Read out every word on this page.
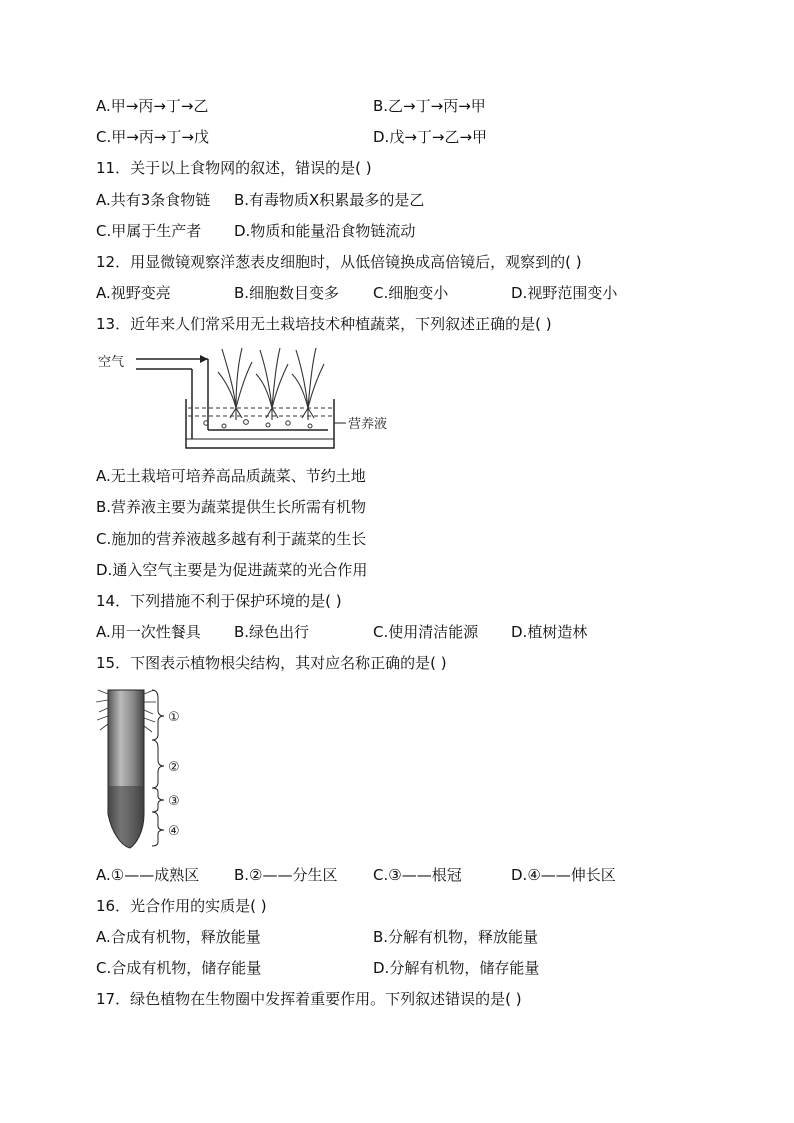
A.甲→丙→丁→乙	B.乙→丁→丙→甲
C.甲→丙→丁→戊	D.戊→丁→乙→甲
11．关于以上食物网的叙述，错误的是( )
A.共有3条食物链 B.有毒物质X积累最多的是乙
C.甲属于生产者 D.物质和能量沿食物链流动
12．用显微镜观察洋葱表皮细胞时，从低倍镜换成高倍镜后，观察到的( )
A.视野变亮	B.细胞数目变多 C.细胞变小	D.视野范围变小
13．近年来人们常采用无土栽培技术种植蔬菜，下列叙述正确的是( )
空气
营养液
A.无土栽培可培养高品质蔬菜、节约土地
B.营养液主要为蔬菜提供生长所需有机物
C.施加的营养液越多越有利于蔬菜的生长
D.通入空气主要是为促进蔬菜的光合作用
14．下列措施不利于保护环境的是( )
A.用一次性餐具 B.绿色出行	C.使用清洁能源 D.植树造林
15．下图表示植物根尖结构，其对应名称正确的是( )
①
②
③
④
A.①——成熟区 B.②——分生区 C.③——根冠	D.④——伸长区
16．光合作用的实质是( )
A.合成有机物，释放能量	B.分解有机物，释放能量
C.合成有机物，储存能量	D.分解有机物，储存能量
17．绿色植物在生物圈中发挥着重要作用。下列叙述错误的是( )
